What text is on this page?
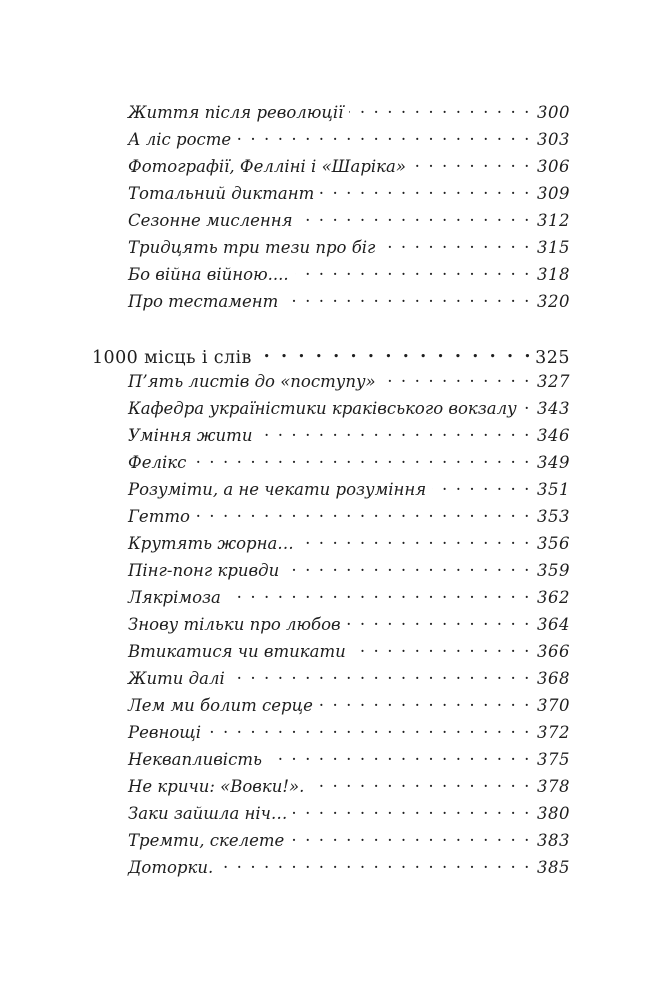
Життя після революції . . .	300
А ліс росте . . .	303
Фотографії, Фелліні і «Шаріка» . . .	306
Тотальний диктант . . .	309
Сезонне мислення . . .	312
Тридцять три тези про біг . . .	315
Бо війна війною.... . . .	318
Про тестамент . . .	320
1000 місць і слів . . .	325
П’ять листів до «поступу» . . .	327
Кафедра україністики краківського вокзалу . . .	343
Уміння жити . . .	346
Фелікс . . .	349
Розуміти, а не чекати розуміння . . .	351
Гетто . . .	353
Крутять жорна… . . .	356
Пінг-понг кривди . . .	359
Лякрімоза . . .	362
Знову тільки про любов . . .	364
Втикатися чи втикати . . .	366
Жити далі . . .	368
Лем ми болит серце . . .	370
Ревнощі . . .	372
Неквапливість . . .	375
Не кричи: «Вовки!». . . .	378
Заки зайшла ніч… . . .	380
Тремти, скелете . . .	383
Доторки. . . .	385
